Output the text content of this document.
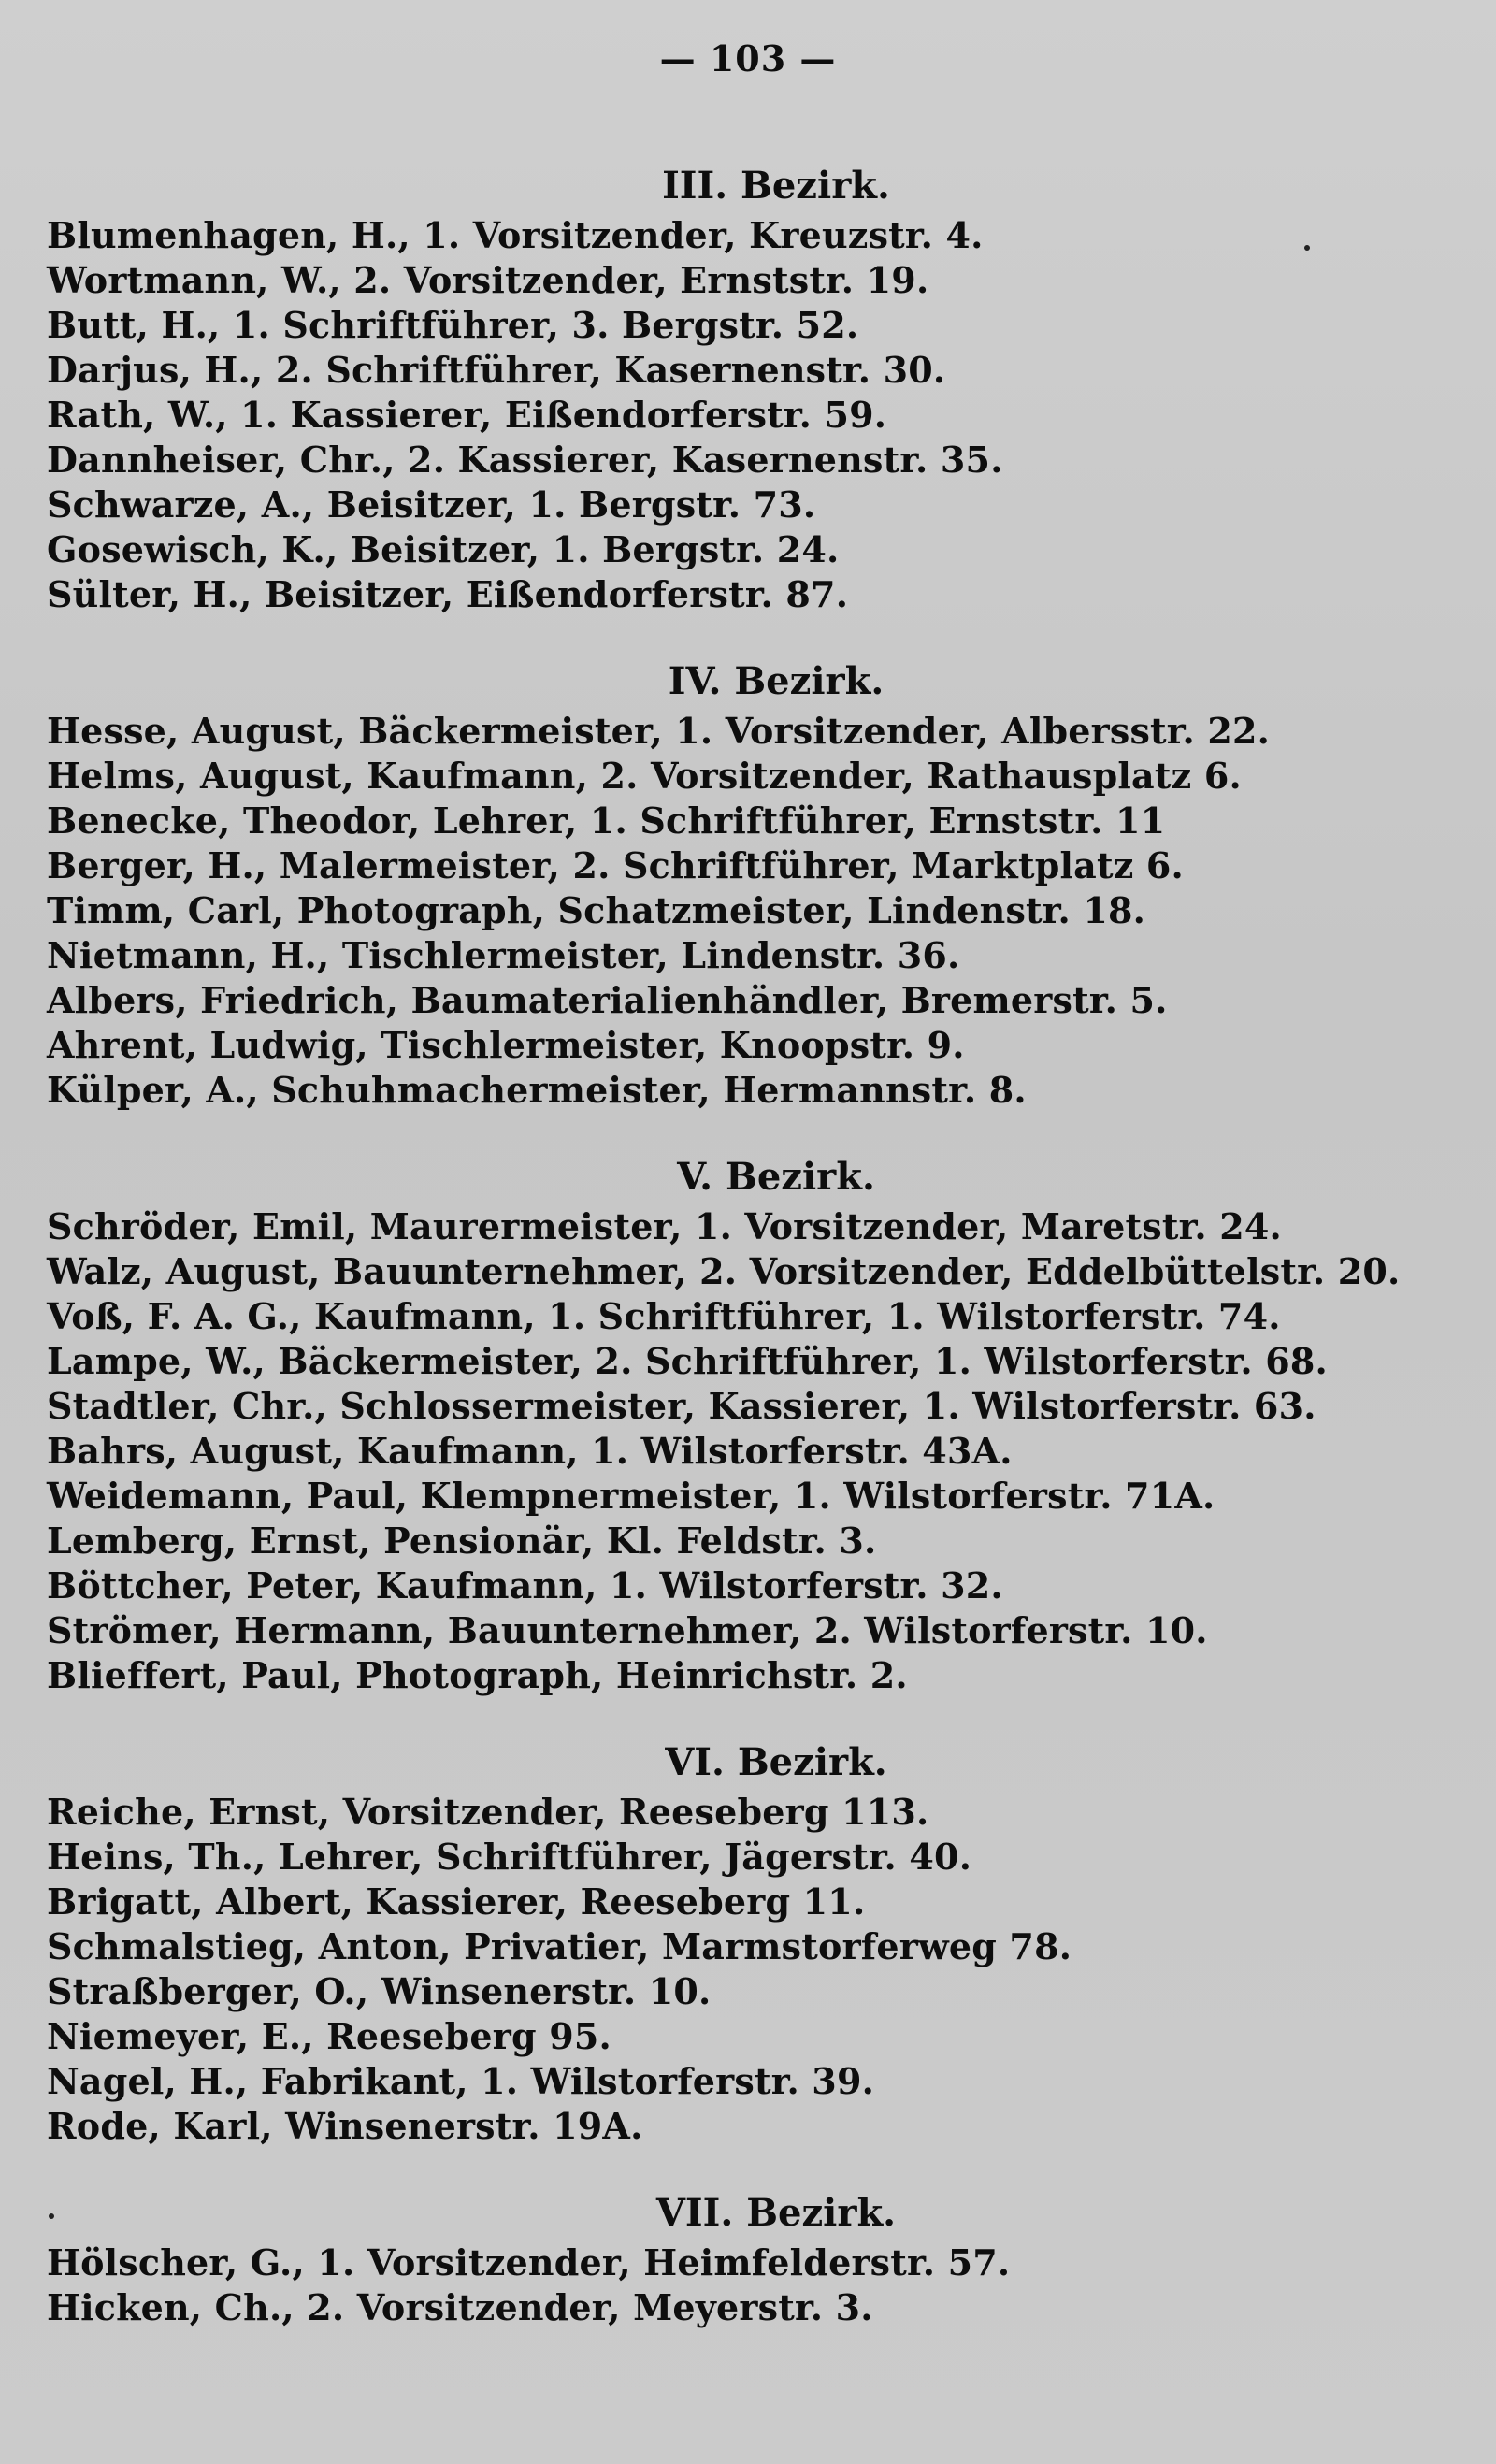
— 103 —
III. Bezirk.
Blumenhagen, H., 1. Vorsitzender, Kreuzstr. 4.
Wortmann, W., 2. Vorsitzender, Ernststr. 19.
Butt, H., 1. Schriftführer, 3. Bergstr. 52.
Darjus, H., 2. Schriftführer, Kasernenstr. 30.
Rath, W., 1. Kassierer, Eißendorferstr. 59.
Dannheiser, Chr., 2. Kassierer, Kasernenstr. 35.
Schwarze, A., Beisitzer, 1. Bergstr. 73.
Gosewisch, K., Beisitzer, 1. Bergstr. 24.
Sülter, H., Beisitzer, Eißendorferstr. 87.
IV. Bezirk.
Hesse, August, Bäckermeister, 1. Vorsitzender, Albersstr. 22.
Helms, August, Kaufmann, 2. Vorsitzender, Rathausplatz 6.
Benecke, Theodor, Lehrer, 1. Schriftführer, Ernststr. 11
Berger, H., Malermeister, 2. Schriftführer, Marktplatz 6.
Timm, Carl, Photograph, Schatzmeister, Lindenstr. 18.
Nietmann, H., Tischlermeister, Lindenstr. 36.
Albers, Friedrich, Baumaterialienhändler, Bremerstr. 5.
Ahrent, Ludwig, Tischlermeister, Knoopstr. 9.
Külper, A., Schuhmachermeister, Hermannstr. 8.
V. Bezirk.
Schröder, Emil, Maurermeister, 1. Vorsitzender, Maretstr. 24.
Walz, August, Bauunternehmer, 2. Vorsitzender, Eddelbüttelstr. 20.
Voß, F. A. G., Kaufmann, 1. Schriftführer, 1. Wilstorferstr. 74.
Lampe, W., Bäckermeister, 2. Schriftführer, 1. Wilstorferstr. 68.
Stadtler, Chr., Schlossermeister, Kassierer, 1. Wilstorferstr. 63.
Bahrs, August, Kaufmann, 1. Wilstorferstr. 43A.
Weidemann, Paul, Klempnermeister, 1. Wilstorferstr. 71A.
Lemberg, Ernst, Pensionär, Kl. Feldstr. 3.
Böttcher, Peter, Kaufmann, 1. Wilstorferstr. 32.
Strömer, Hermann, Bauunternehmer, 2. Wilstorferstr. 10.
Blieffert, Paul, Photograph, Heinrichstr. 2.
VI. Bezirk.
Reiche, Ernst, Vorsitzender, Reeseberg 113.
Heins, Th., Lehrer, Schriftführer, Jägerstr. 40.
Brigatt, Albert, Kassierer, Reeseberg 11.
Schmalstieg, Anton, Privatier, Marmstorferweg 78.
Straßberger, O., Winsenerstr. 10.
Niemeyer, E., Reeseberg 95.
Nagel, H., Fabrikant, 1. Wilstorferstr. 39.
Rode, Karl, Winsenerstr. 19A.
VII. Bezirk.
Hölscher, G., 1. Vorsitzender, Heimfelderstr. 57.
Hicken, Ch., 2. Vorsitzender, Meyerstr. 3.
